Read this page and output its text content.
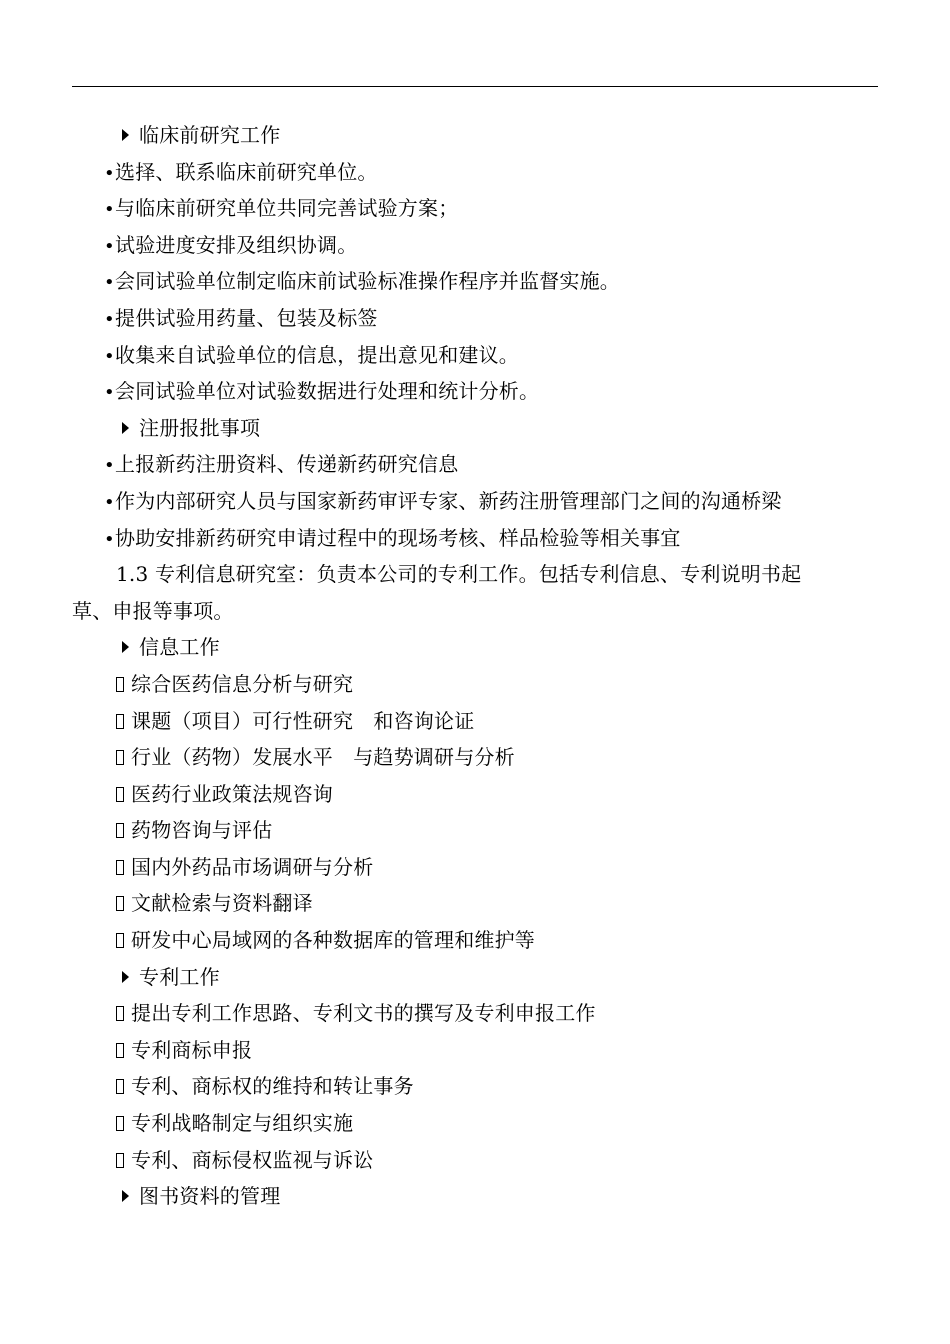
临床前研究工作
•选择、联系临床前研究单位。
•与临床前研究单位共同完善试验方案；
•试验进度安排及组织协调。
•会同试验单位制定临床前试验标准操作程序并监督实施。
•提供试验用药量、包装及标签
•收集来自试验单位的信息，提出意见和建议。
•会同试验单位对试验数据进行处理和统计分析。
注册报批事项
•上报新药注册资料、传递新药研究信息
•作为内部研究人员与国家新药审评专家、新药注册管理部门之间的沟通桥梁
•协助安排新药研究申请过程中的现场考核、样品检验等相关事宜
1.3 专利信息研究室：负责本公司的专利工作。包括专利信息、专利说明书起
草、申报等事项。
信息工作
综合医药信息分析与研究
课题（项目）可行性研究　和咨询论证
行业（药物）发展水平　与趋势调研与分析
医药行业政策法规咨询
药物咨询与评估
国内外药品市场调研与分析
文献检索与资料翻译
研发中心局域网的各种数据库的管理和维护等
专利工作
提出专利工作思路、专利文书的撰写及专利申报工作
专利商标申报
专利、商标权的维持和转让事务
专利战略制定与组织实施
专利、商标侵权监视与诉讼
图书资料的管理
